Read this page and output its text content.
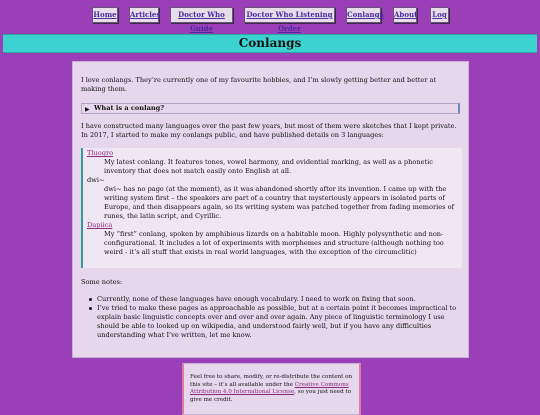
Home Articles	Doctor Who Guide
Doctor Who Listening Order
Conlangs About	Log
Conlangs
I love conlangs. They’re currently one of my favourite hobbies, and I’m slowly getting better and better at making them.
▶ What is a conlang?
I have constructed many languages over the past few years, but most of them were sketches that I kept private. In 2017, I started to make my conlangs public, and have published details on 3 languages:
Tluoqro
My latest conlang. It features tones, vowel harmony, and evidential marking, as well as a phonetic inventory that does not match easily onto English at all.
dwi~
dwi~ has no page (at the moment), as it was abandoned shortly after its invention. I came up with the writing system first – the speakers are part of a country that mysteriously appears in isolated parts of Europe, and then disappears again, so its writing system was patched together from fading memories of runes, the latin script, and Cyrillic.
Dapiica
My “first” conlang, spoken by amphibious lizards on a habitable moon. Highly polysynthetic and non-configurational. It includes a lot of experiments with morphemes and structure (although nothing too weird - it’s all stuff that exists in real world languages, with the exception of the circumclitic)
Some notes:
Currently, none of these languages have enough vocabulary. I need to work on fixing that soon.
I’ve tried to make these pages as approachable as possible, but at a certain point it becomes impractical to explain basic linguistic concepts over and over and over again. Any piece of linguistic terminology I use should be able to looked up on wikipedia, and understood fairly well, but if you have any difficulties understanding what I’ve written, let me know.
Feel free to share, modify, or re-distribute the content on this site – it’s all available under the Creative Commons Attribution 4.0 International License, so you just need to give me credit.
